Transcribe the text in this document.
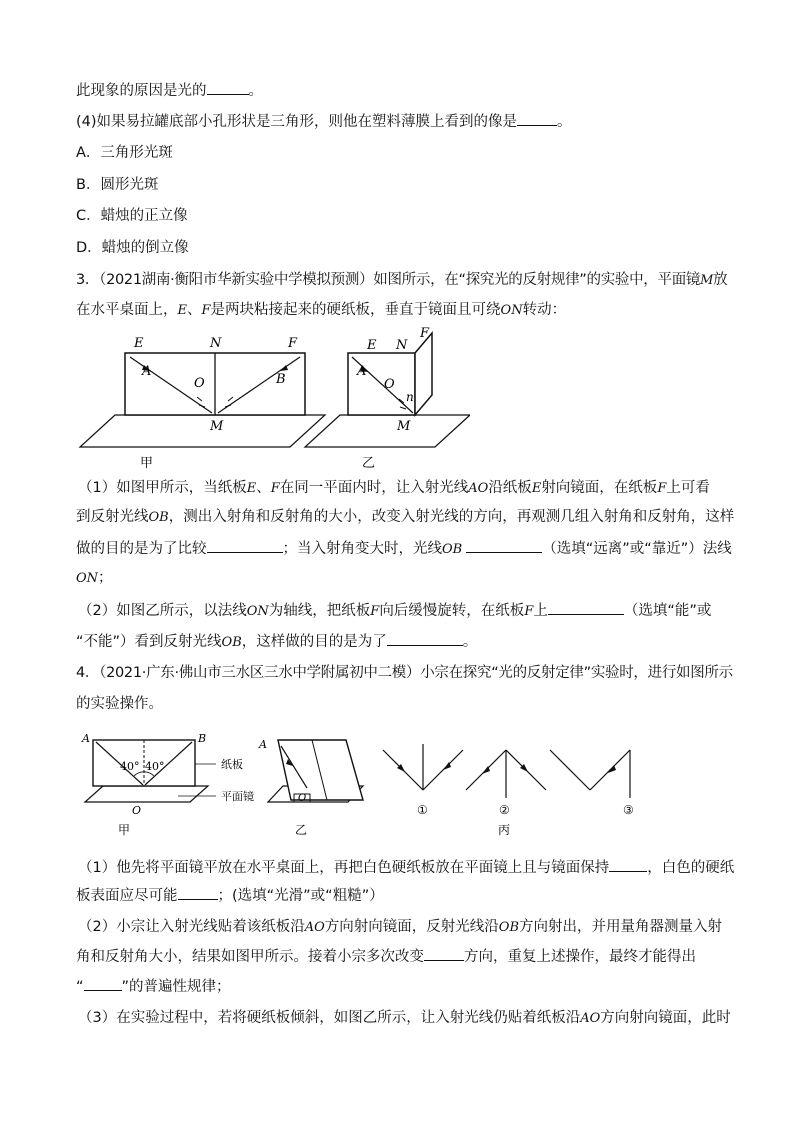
此现象的原因是光的	。
(4)如果易拉罐底部小孔形状是三角形，则他在塑料薄膜上看到的像是	。
A．三角形光斑
B．圆形光斑
C．蜡烛的正立像
D．蜡烛的倒立像
3．（2021湖南·衡阳市华新实验中学模拟预测）如图所示，在“探究光的反射规律”的实验中，平面镜M放
在水平桌面上，E、F是两块粘接起来的硬纸板，垂直于镜面且可绕ON转动：
E	N	F
A
O	B
M
甲
E N
F
A
O
n
M
乙
（1）如图甲所示，当纸板E、F在同一平面内时，让入射光线AO沿纸板E射向镜面，在纸板F上可看
到反射光线OB，测出入射角和反射角的大小，改变入射光线的方向，再观测几组入射角和反射角，这样
做的目的是为了比较	；当入射角变大时，光线OB	（选填“远离”或“靠近”）法线
ON；
（2）如图乙所示，以法线ON为轴线，把纸板F向后缓慢旋转，在纸板F上	（选填“能”或
“不能”）看到反射光线OB，这样做的目的是为了	。
4．（2021·广东·佛山市三水区三水中学附属初中二模）小宗在探究“光的反射定律”实验时，进行如图所示
的实验操作。
A	B
40° 40°	纸板
平面镜
O
甲
A
O
乙
①	②	③
丙
（1）他先将平面镜平放在水平桌面上，再把白色硬纸板放在平面镜上且与镜面保持	，白色的硬纸
板表面应尽可能	；(选填“光滑”或“粗糙”）
（2）小宗让入射光线贴着该纸板沿AO方向射向镜面，反射光线沿OB方向射出，并用量角器测量入射
角和反射角大小，结果如图甲所示。接着小宗多次改变	方向，重复上述操作，最终才能得出
“	”的普遍性规律；
（3）在实验过程中，若将硬纸板倾斜，如图乙所示，让入射光线仍贴着纸板沿AO方向射向镜面，此时
